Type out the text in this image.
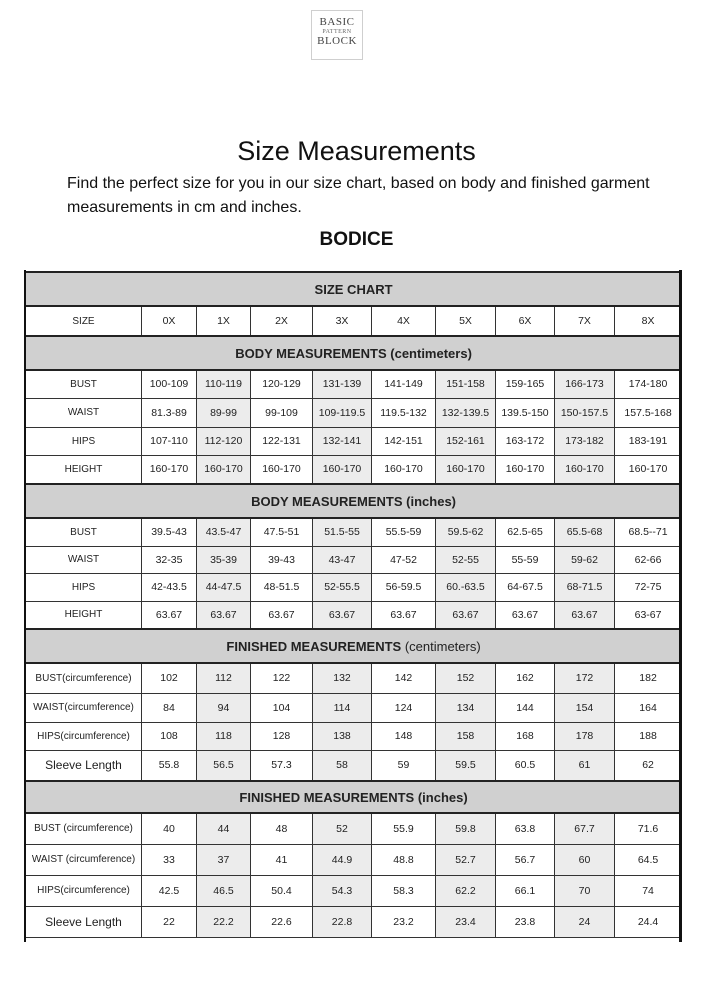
BASIC
PATTERN
BLOCK
Size Measurements

Find the perfect size for you in our size chart, based on body and finished garment measurements in cm and inches.

BODICE
SIZE CHART									
SIZE	0X	1X	2X	3X	4X	5X	6X	7X	8X
BODY MEASUREMENTS (centimeters)									
BUST	100-109	110-119	120-129	131-139	141-149	151-158	159-165	166-173	174-180
WAIST	81.3-89	89-99	99-109	109-119.5	119.5-132	132-139.5	139.5-150	150-157.5	157.5-168
HIPS	107-110	112-120	122-131	132-141	142-151	152-161	163-172	173-182	183-191
HEIGHT	160-170	160-170	160-170	160-170	160-170	160-170	160-170	160-170	160-170
BODY MEASUREMENTS (inches)									
BUST	39.5-43	43.5-47	47.5-51	51.5-55	55.5-59	59.5-62	62.5-65	65.5-68	68.5--71
WAIST	32-35	35-39	39-43	43-47	47-52	52-55	55-59	59-62	62-66
HIPS	42-43.5	44-47.5	48-51.5	52-55.5	56-59.5	60.-63.5	64-67.5	68-71.5	72-75
HEIGHT	63.67	63.67	63.67	63.67	63.67	63.67	63.67	63.67	63-67
FINISHED MEASUREMENTS (centimeters)									
BUST(circumference)	102	112	122	132	142	152	162	172	182
WAIST(circumference)	84	94	104	114	124	134	144	154	164
HIPS(circumference)	108	118	128	138	148	158	168	178	188
Sleeve Length	55.8	56.5	57.3	58	59	59.5	60.5	61	62
FINISHED MEASUREMENTS (inches)									
BUST (circumference)	40	44	48	52	55.9	59.8	63.8	67.7	71.6
WAIST (circumference)	33	37	41	44.9	48.8	52.7	56.7	60	64.5
HIPS(circumference)	42.5	46.5	50.4	54.3	58.3	62.2	66.1	70	74
Sleeve Length	22	22.2	22.6	22.8	23.2	23.4	23.8	24	24.4
